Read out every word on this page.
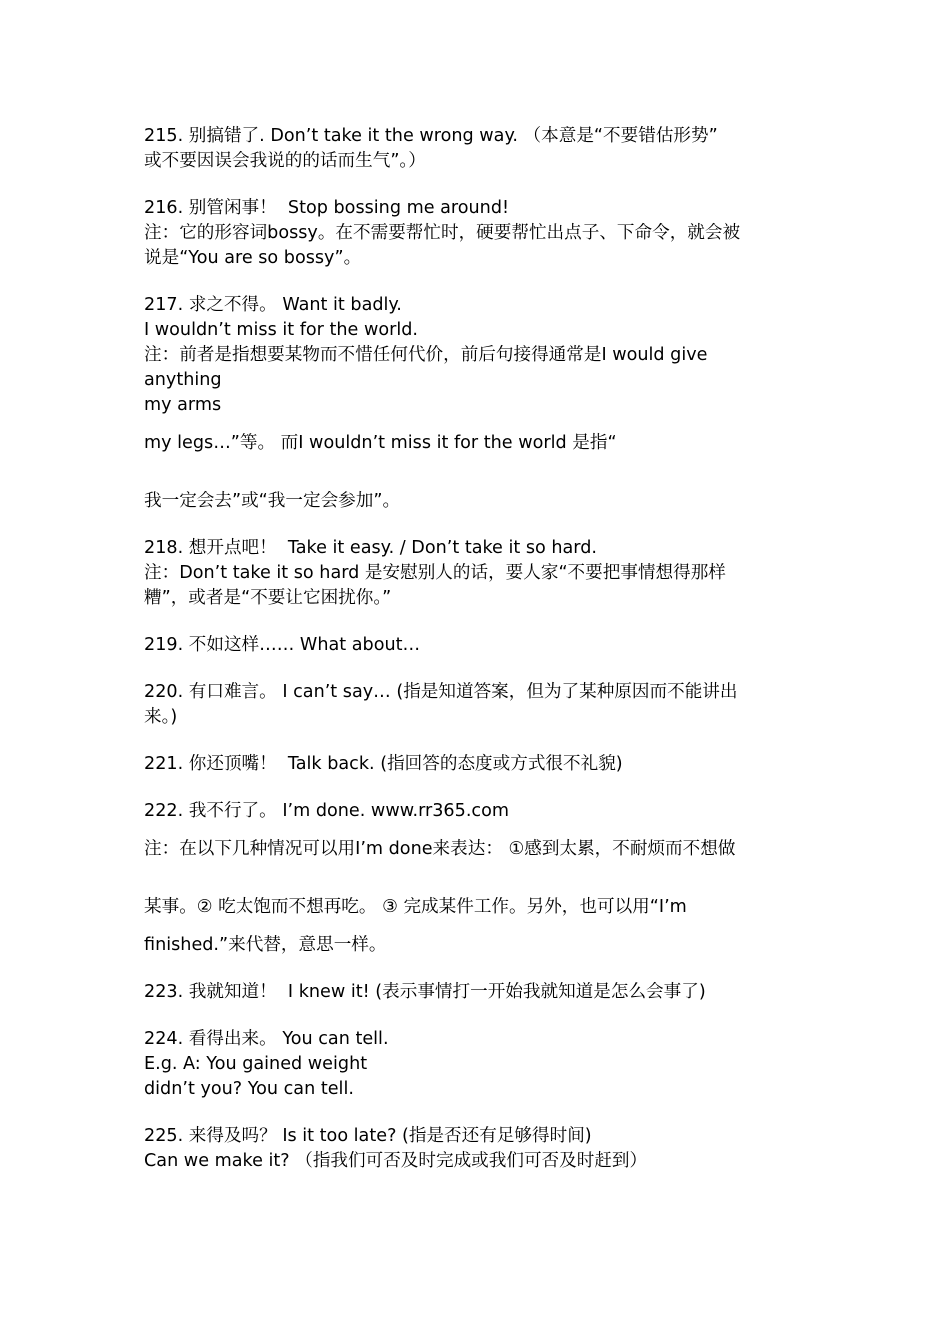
215. 别搞错了. Don’t take it the wrong way. （本意是“不要错估形势”
或不要因误会我说的的话而生气”。）
216. 别管闲事！  Stop bossing me around!
注：它的形容词bossy。在不需要帮忙时，硬要帮忙出点子、下命令，就会被
说是“You are so bossy”。
217. 求之不得。 Want it badly.
I wouldn’t miss it for the world.
注：前者是指想要某物而不惜任何代价，前后句接得通常是I would give
anything
my arms
my legs…”等。 而I wouldn’t miss it for the world 是指“
我一定会去”或“我一定会参加”。
218. 想开点吧！  Take it easy. / Don’t take it so hard.
注：Don’t take it so hard 是安慰别人的话，要人家“不要把事情想得那样
糟”，或者是“不要让它困扰你。”
219. 不如这样…… What about…
220. 有口难言。 I can’t say… (指是知道答案，但为了某种原因而不能讲出
来。)
221. 你还顶嘴！  Talk back. (指回答的态度或方式很不礼貌)
222. 我不行了。 I’m done. www.rr365.com
注：在以下几种情况可以用I’m done来表达： ①感到太累，不耐烦而不想做
某事。② 吃太饱而不想再吃。 ③ 完成某件工作。另外，也可以用“I’m
finished.”来代替，意思一样。
223. 我就知道！  I knew it! (表示事情打一开始我就知道是怎么会事了)
224. 看得出来。 You can tell.
E.g. A: You gained weight
didn’t you? You can tell.
225. 来得及吗？ Is it too late? (指是否还有足够得时间)
Can we make it? （指我们可否及时完成或我们可否及时赶到）
